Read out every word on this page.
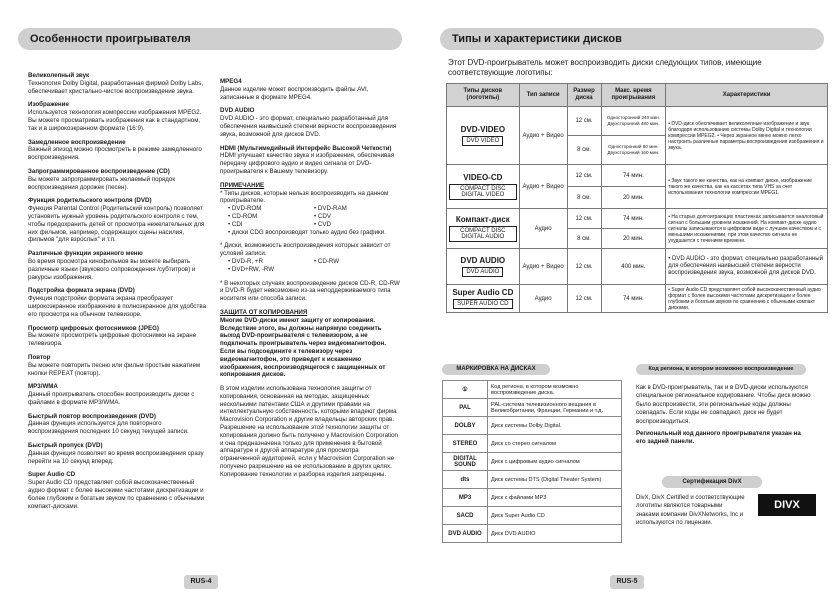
Особенности проигрывателя

Великолепный звук
Технология Dolby Digital, разработанная фирмой Dolby Labs, обеспечивает кристально-чистое воспроизведение звука.

Изображение
Используется технология компрессии изображения MPEG2. Вы можете просматривать изображения как в стандартном, так и в широкоэкранном формате (16:9).

Замедленное воспроизведение
Важный эпизод можно просмотреть в режиме замедленного воспроизведения.

Запрограммированное воспроизведение (CD)
Вы можете запрограммировать желаемый порядок воспроизведения дорожек (песен).

Функция родительского контроля (DVD)
Функция Parental Control (Родительский контроль) позволяет установить нужный уровень родительского контроля с тем, чтобы предохранить детей от просмотра нежелательных для них фильмов, например, содержащих сцены насилия, фильмов "для взрослых" и т.п.

Различные функции экранного меню
Во время просмотра кинофильмов вы можете выбирать различные языки (звукового сопровождения /субтитров) и ракурсы изображения.

Подстройка формата экрана (DVD)
Функция подстройки формата экрана преобразует широкоэкранное изображение в полноэкранное для удобства его просмотра на обычном телевизоре.

Просмотр цифровых фотоснимков (JPEG)
Вы можете просмотреть цифровые фотоснимки на экране телевизора.

Повтор
Вы можете повторить песню или фильм простым нажатием кнопки REPEAT (повтор).

MP3/WMA
Данный проигрыватель способен воспроизводить диски с файлами в формате MP3/WMA.

Быстрый повтор воспроизведения (DVD)
Данная функция используется для повторного воспроизведения последних 10 секунд текущей записи.

Быстрый пропуск (DVD)
Данная функция позволяет во время воспроизведения сразу перейти на 10 секунд вперед.

Super Audio CD
Super Audio CD представляет собой высококачественный аудио формат с более высокими частотами дискретизации и более глубоким и богатым звуком по сравнению с обычными компакт-дисками.

MPEG4
Данное изделие может воспроизводить файлы AVI, записанные в формате MPEG4.

DVD AUDIO
DVD AUDIO - это формат, специально разработанный для обеспечения наивысшей степени верности воспроизведения звука, возможной для дисков DVD.

HDMI (Мультимедийный Интерфейс Высокой Четкости)
HDMI улучшает качество звука и изображения, обеспечивая передачу цифрового аудио и видео сигнала от DVD-проигрывателя к Вашему телевизору.

ПРИМЕЧАНИЕ

* Типы дисков, которые нельзя воспроизводить на данном проигрывателе.

• DVD-ROM	• DVD-RAM
• CD-ROM	• CDV
• CDI	• CVD

• диски CDG воспроизводят только аудио без графики.

* Диски, возможность воспроизведения которых зависит от условий записи.

• DVD-R, +R	• CD-RW
• DVD+RW, -RW

* В некоторых случаях воспроизведение дисков CD-R, CD-RW и DVD-R будет невозможно из-за неподдерживаемого типа носителя или способа записи.

ЗАЩИТА ОТ КОПИРОВАНИЯ

Многие DVD-диски имеют защиту от копирования. Вследствие этого, вы должны напрямую соединить выход DVD-проигрывателя с телевизором, а не подключать проигрыватель через видеомагнитофон. Если вы подсоедините к телевизору через видеомагнитофон, это приведет к искажению изображения, воспроизводящегося с защищенных от копирования дисков.

В этом изделии использована технология защиты от копирования, основанная на методах, защищенных несколькими патентами США и другими правами на интеллектуальную собственность, которыми владеют фирма Macrovision Corporation и другие владельцы авторских прав. Разрешение на использование этой технологии защиты от копирования должно быть получено у Macrovision Corporation и она предназначена только для применения в бытовой аппаратуре и другой аппаратуре для просмотра ограниченной аудиторией, если у Macrovision Corporation не получено разрешение на ее использование в других целях. Копирование технологии и разборка изделия запрещены.

RUS-4
Типы и характеристики дисков
Этот DVD-проигрыватель может воспроизводить диски следующих типов, имеющие соответствующие логотипы:
Типы дисков (логотипы)	Тип записи	Размер диска	Макс. время проигрывания	Характеристики

DVD-VIDEO
DVD VIDEO	Аудио + Видео	12 см.	Односторонний 240 мин. Двухсторонний 480 мин.	• DVD-диск обеспечивает великолепные изображение и звук благодаря использованию системы Dolby Digital и технологии компрессии MPEG2. • Через экранное меню можно легко настроить различные параметры воспроизведения изображения и звука.
		8 см.	Односторонний 80 мин. Двухсторонний 160 мин.	

VIDEO-CD
COMPACT DISC DIGITAL VIDEO	Аудио + Видео	12 см.	74 мин.	• Звук такого же качества, как на компакт диске, изображение такого же качества, как на кассетах типа VHS за счет использования технологии компрессии MPEG1.
		8 см.	20 мин.	

Компакт-диск
COMPACT DISC DIGITAL AUDIO	Аудио	12 см.	74 мин.	• На старых долгоиграющих пластинках записывается аналоговый сигнал с большим уровнем искажений. На компакт-диске аудио сигналы записываются в цифровом виде с лучшим качеством и с меньшими искажениями, при этом качество сигнала не ухудшается с течением времени.
		8 см.	20 мин.	

DVD AUDIO
DVD AUDIO	Аудио + Видео	12 см.	400 мин.	• DVD AUDIO - это формат, специально разработанный для обеспечения наивысшей степени верности воспроизведения звука, возможной для дисков DVD.

Super Audio CD
SUPER AUDIO CD	Аудио	12 см.	74 мин.	• Super Audio CD представляет собой высококачественный аудио формат с более высокими частотами дискретизации и более глубоким и богатым звуком по сравнению с обычными компакт дисками.
МАРКИРОВКА НА ДИСКАХ
①	Код региона, в котором возможно воспроизведение диска.
PAL	PAL-система телевизионного вещания в Великобритании, Франции, Германии и т.д.
DOLBY	Диск системы Dolby Digital.
STEREO	Диск со стерео сигналом
DIGITAL SOUND	Диск с цифровым аудио сигналом
dts	Диск системы DTS (Digital Theater System)
MP3	Диск с файлами MP3
SACD	Диск Super Audio CD
DVD AUDIO	Диск DVD AUDIO
Код региона, в котором возможно воспроизведение

Как в DVD-проигрыватель, так и в DVD-диски используются специальное региональное кодирование. Чтобы диск можно было воспроизвести, эти региональные коды должны совпадать. Если коды не совпадают, диск не будет воспроизводиться.

Региональный код данного проигрывателя указан на его задней панели.

Сертификация DivX
DivX, DivX Certified и соответствующие логотипы являются товарными знаками компании DivXNetworks, Inc и используются по лицензии.
DIVX
RUS-5
